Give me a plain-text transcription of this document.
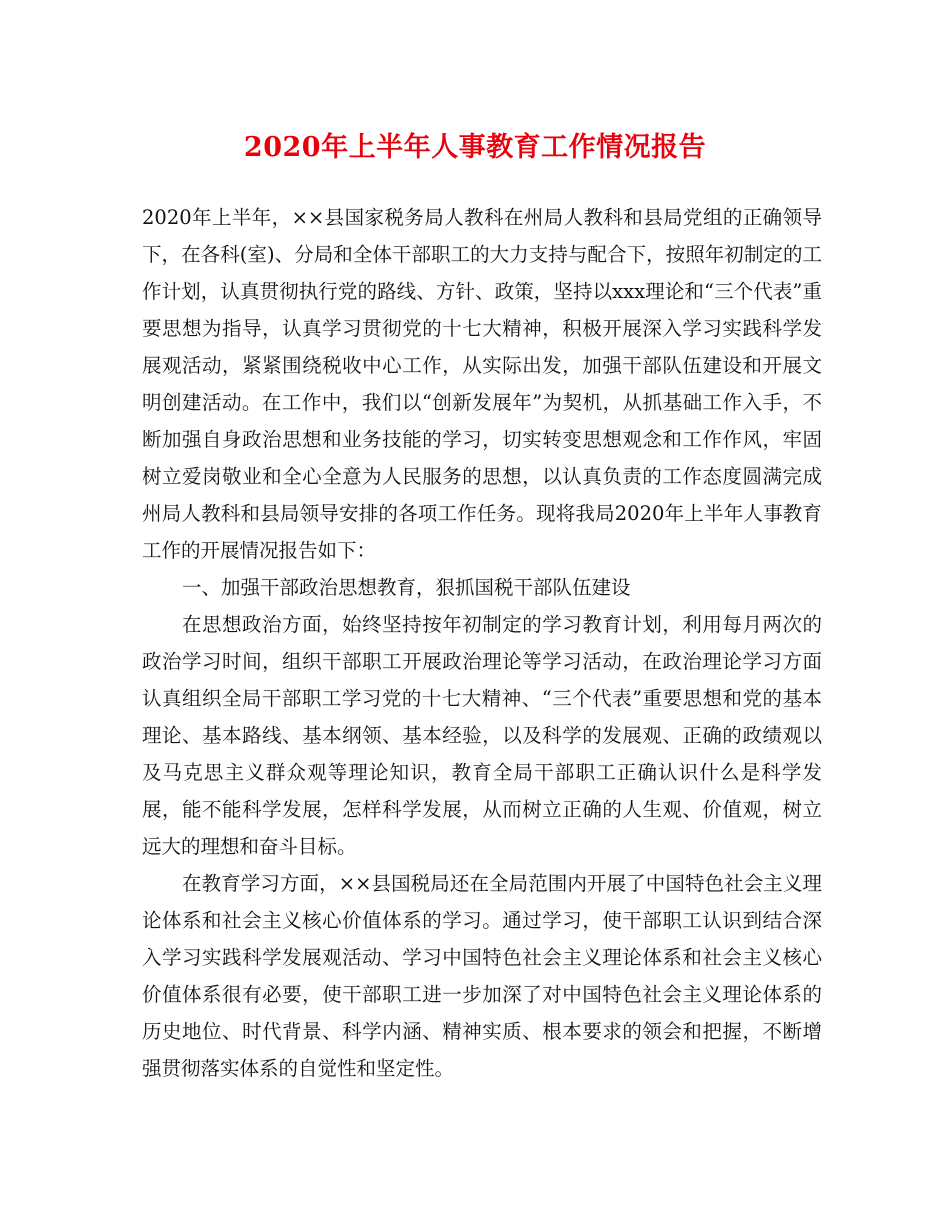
2020年上半年人事教育工作情况报告

2020年上半年，××县国家税务局人教科在州局人教科和县局党组的正确领导下，在各科(室)、分局和全体干部职工的大力支持与配合下，按照年初制定的工作计划，认真贯彻执行党的路线、方针、政策，坚持以xxx理论和“三个代表”重要思想为指导，认真学习贯彻党的十七大精神，积极开展深入学习实践科学发展观活动，紧紧围绕税收中心工作，从实际出发，加强干部队伍建设和开展文明创建活动。在工作中，我们以“创新发展年”为契机，从抓基础工作入手，不断加强自身政治思想和业务技能的学习，切实转变思想观念和工作作风，牢固树立爱岗敬业和全心全意为人民服务的思想，以认真负责的工作态度圆满完成州局人教科和县局领导安排的各项工作任务。现将我局2020年上半年人事教育工作的开展情况报告如下：

一、加强干部政治思想教育，狠抓国税干部队伍建设

在思想政治方面，始终坚持按年初制定的学习教育计划，利用每月两次的政治学习时间，组织干部职工开展政治理论等学习活动，在政治理论学习方面认真组织全局干部职工学习党的十七大精神、“三个代表”重要思想和党的基本理论、基本路线、基本纲领、基本经验，以及科学的发展观、正确的政绩观以及马克思主义群众观等理论知识，教育全局干部职工正确认识什么是科学发展，能不能科学发展，怎样科学发展，从而树立正确的人生观、价值观，树立远大的理想和奋斗目标。

在教育学习方面，××县国税局还在全局范围内开展了中国特色社会主义理论体系和社会主义核心价值体系的学习。通过学习，使干部职工认识到结合深入学习实践科学发展观活动、学习中国特色社会主义理论体系和社会主义核心价值体系很有必要，使干部职工进一步加深了对中国特色社会主义理论体系的历史地位、时代背景、科学内涵、精神实质、根本要求的领会和把握，不断增强贯彻落实体系的自觉性和坚定性。
